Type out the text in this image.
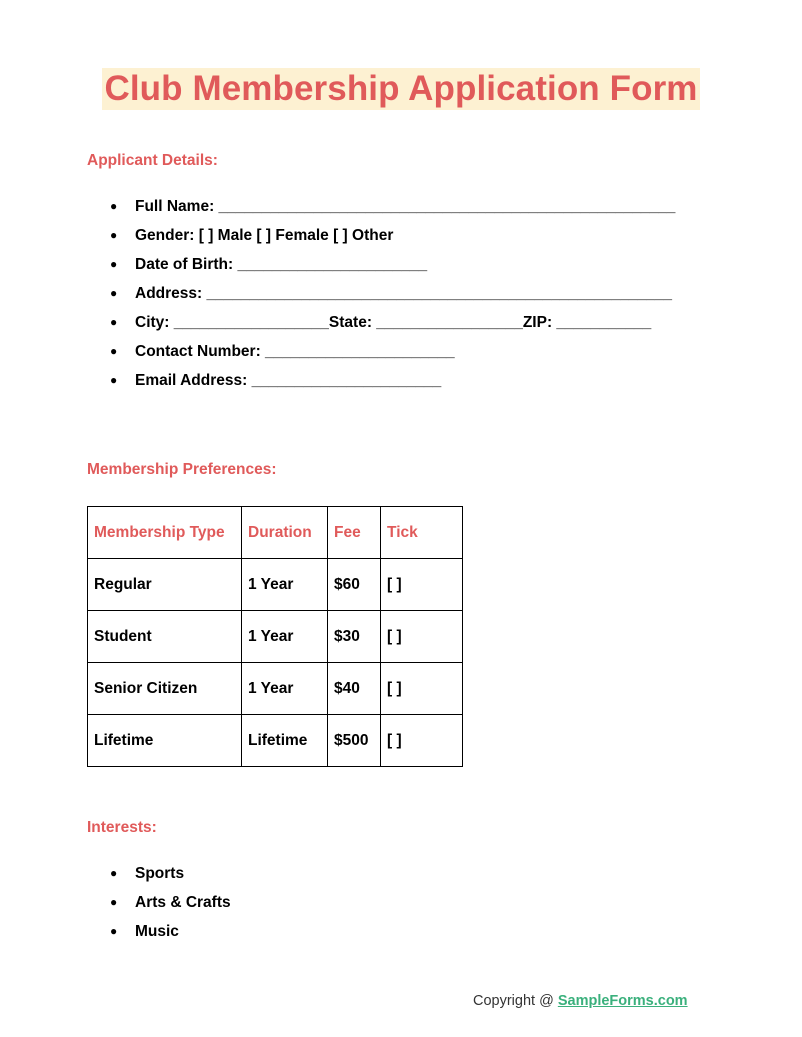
Club Membership Application Form
Applicant Details:
● Full Name: _____________________________________________________
● Gender: [ ] Male [ ] Female [ ] Other
● Date of Birth: ______________________
● Address: ______________________________________________________
● City: __________________State: _________________ZIP: ___________
● Contact Number: ______________________
● Email Address: ______________________
Membership Preferences:
Membership Type	Duration	Fee	Tick
Regular	1 Year	$60	[ ]
Student	1 Year	$30	[ ]
Senior Citizen	1 Year	$40	[ ]
Lifetime	Lifetime	$500	[ ]
Interests:
● Sports
● Arts & Crafts
● Music
Copyright @ SampleForms.com
